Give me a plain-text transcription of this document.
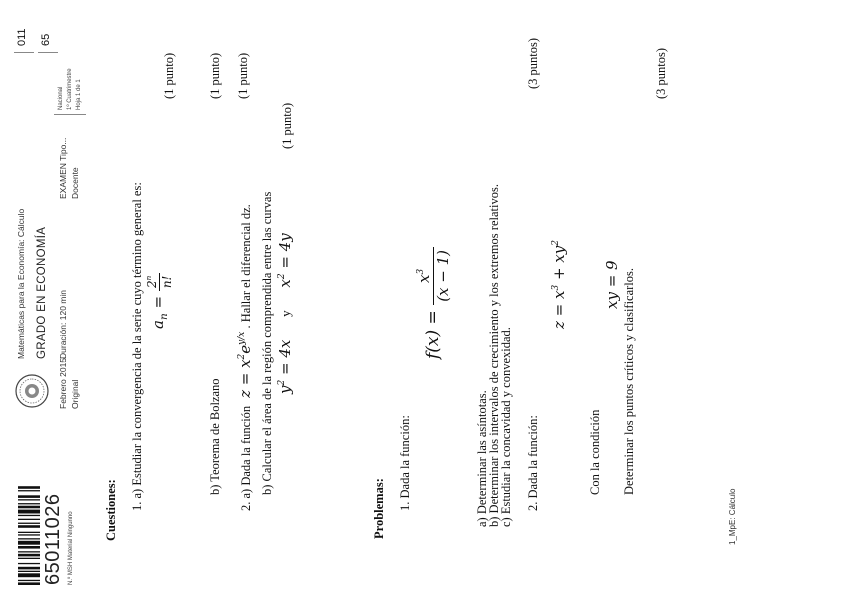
65011026 N.º MSH Material Ningunno
Febrero 2015 Original
Matemáticas para la Economía: Cálculo GRADO EN ECONOMÍA Duración: 120 min
EXAMEN Tipo... Docente
Nacional 1º Cuatrimestre Hoja 1 de 1
011 65
Cuestiones: 1. a) Estudiar la convergencia de la serie cuyo término general es: $a_n$ =
2$^n$ n!
(1 punto)
b) Teorema de Bolzano
(1 punto)
2. a) Dada la función  $z = x^2e^{y/x}$ . Hallar el diferencial dz.
(1 punto)
b) Calcular el área de la región comprendida entre las curvas $y^2 = 4x$ y $x^2 = 4y$
(1 punto)
Problemas: 1. Dada la función:
f(x) =
$x^3$ (x − 1)
a) Determinar las asíntotas.
b) Determinar los intervalos de crecimiento y los extremos relativos.
c) Estudiar la concavidad y convexidad.
(3 puntos)
2. Dada la función:
$z = x^3 + xy^2$
Con la condición
xy = 9 Determinar los puntos críticos y clasificarlos.
(3 puntos)
1_MpE: Cálculo
